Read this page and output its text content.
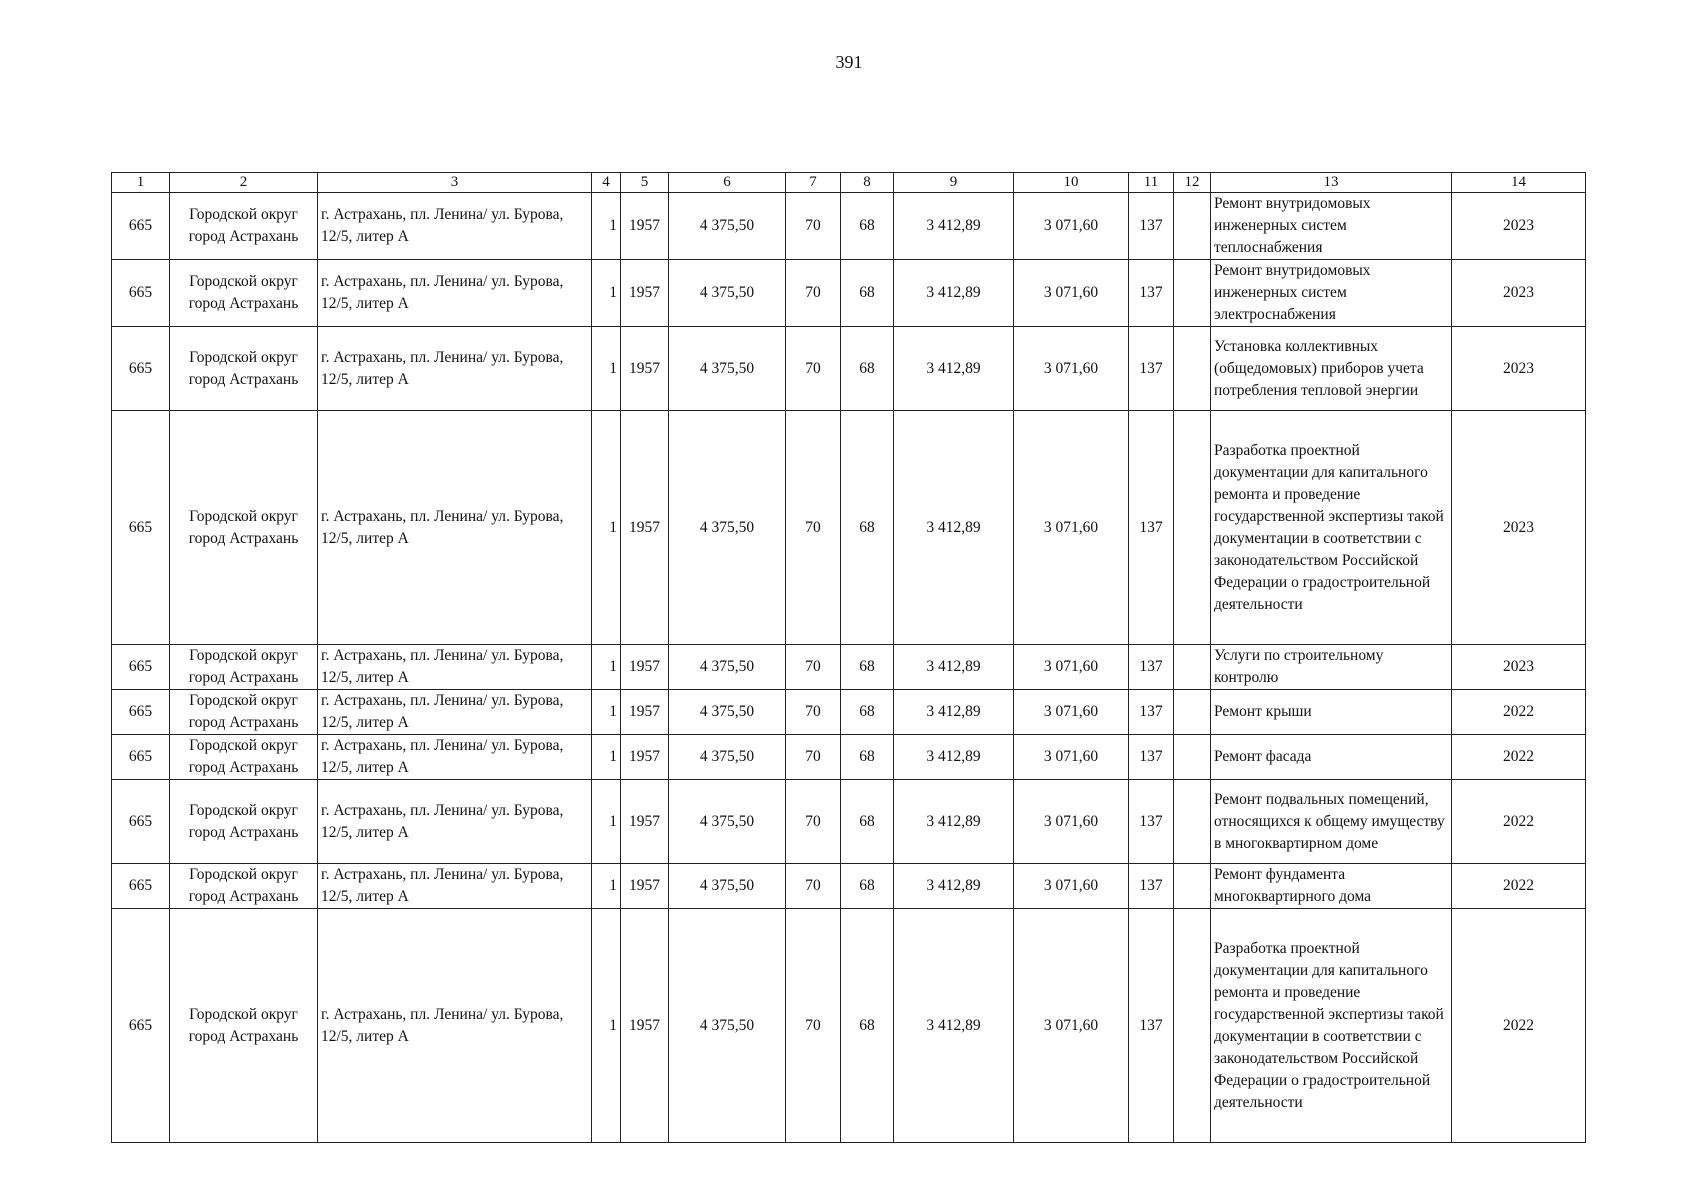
391
1	2	3	4	5	6	7	8	9	10	11	12	13	14
665	Городской округ город Астрахань	г. Астрахань, пл. Ленина/ ул. Бурова, 12/5, литер А	1	1957	4 375,50	70	68	3 412,89	3 071,60	137		Ремонт внутридомовых инженерных систем теплоснабжения	2023
665	Городской округ город Астрахань	г. Астрахань, пл. Ленина/ ул. Бурова, 12/5, литер А	1	1957	4 375,50	70	68	3 412,89	3 071,60	137		Ремонт внутридомовых инженерных систем электроснабжения	2023
665	Городской округ город Астрахань	г. Астрахань, пл. Ленина/ ул. Бурова, 12/5, литер А	1	1957	4 375,50	70	68	3 412,89	3 071,60	137		Установка коллективных (общедомовых) приборов учета потребления тепловой энергии	2023
665	Городской округ город Астрахань	г. Астрахань, пл. Ленина/ ул. Бурова, 12/5, литер А	1	1957	4 375,50	70	68	3 412,89	3 071,60	137		Разработка проектной документации для капитального ремонта и проведение государственной экспертизы такой документации в соответствии с законодательством Российской Федерации о градостроительной деятельности	2023
665	Городской округ город Астрахань	г. Астрахань, пл. Ленина/ ул. Бурова, 12/5, литер А	1	1957	4 375,50	70	68	3 412,89	3 071,60	137		Услуги по строительному контролю	2023
665	Городской округ город Астрахань	г. Астрахань, пл. Ленина/ ул. Бурова, 12/5, литер А	1	1957	4 375,50	70	68	3 412,89	3 071,60	137		Ремонт крыши	2022
665	Городской округ город Астрахань	г. Астрахань, пл. Ленина/ ул. Бурова, 12/5, литер А	1	1957	4 375,50	70	68	3 412,89	3 071,60	137		Ремонт фасада	2022
665	Городской округ город Астрахань	г. Астрахань, пл. Ленина/ ул. Бурова, 12/5, литер А	1	1957	4 375,50	70	68	3 412,89	3 071,60	137		Ремонт подвальных помещений, относящихся к общему имуществу в многоквартирном доме	2022
665	Городской округ город Астрахань	г. Астрахань, пл. Ленина/ ул. Бурова, 12/5, литер А	1	1957	4 375,50	70	68	3 412,89	3 071,60	137		Ремонт фундамента многоквартирного дома	2022
665	Городской округ город Астрахань	г. Астрахань, пл. Ленина/ ул. Бурова, 12/5, литер А	1	1957	4 375,50	70	68	3 412,89	3 071,60	137		Разработка проектной документации для капитального ремонта и проведение государственной экспертизы такой документации в соответствии с законодательством Российской Федерации о градостроительной деятельности	2022
